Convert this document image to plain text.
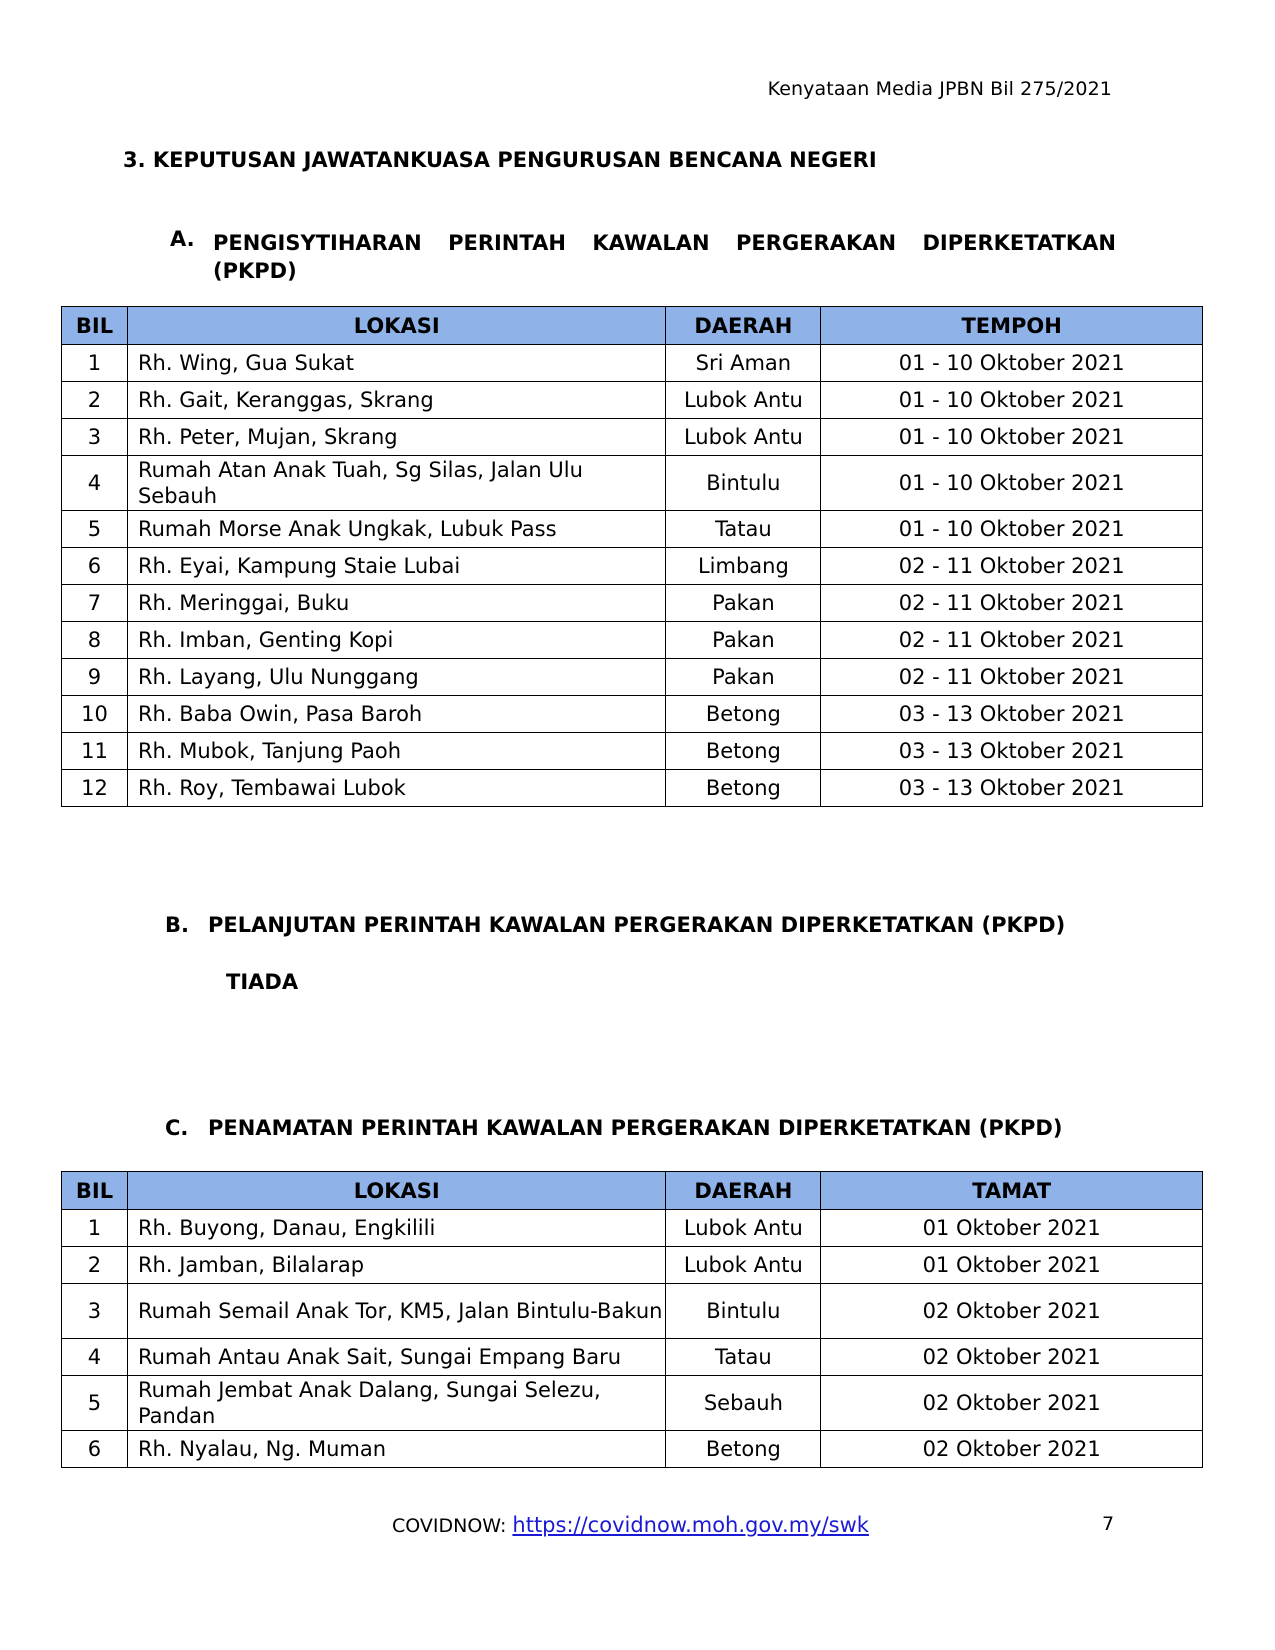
Kenyataan Media JPBN Bil 275/2021
3. KEPUTUSAN JAWATANKUASA PENGURUSAN BENCANA NEGERI
A. PENGISYTIHARAN PERINTAH KAWALAN PERGERAKAN DIPERKETATKAN
(PKPD)
BIL	LOKASI	DAERAH	TEMPOH
1	Rh. Wing, Gua Sukat	Sri Aman	01 - 10 Oktober 2021
2	Rh. Gait, Keranggas, Skrang	Lubok Antu	01 - 10 Oktober 2021
3	Rh. Peter, Mujan, Skrang	Lubok Antu	01 - 10 Oktober 2021
4	Rumah Atan Anak Tuah, Sg Silas, Jalan Ulu Sebauh	Bintulu	01 - 10 Oktober 2021
5	Rumah Morse Anak Ungkak, Lubuk Pass	Tatau	01 - 10 Oktober 2021
6	Rh. Eyai, Kampung Staie Lubai	Limbang	02 - 11 Oktober 2021
7	Rh. Meringgai, Buku	Pakan	02 - 11 Oktober 2021
8	Rh. Imban, Genting Kopi	Pakan	02 - 11 Oktober 2021
9	Rh. Layang, Ulu Nunggang	Pakan	02 - 11 Oktober 2021
10	Rh. Baba Owin, Pasa Baroh	Betong	03 - 13 Oktober 2021
11	Rh. Mubok, Tanjung Paoh	Betong	03 - 13 Oktober 2021
12	Rh. Roy, Tembawai Lubok	Betong	03 - 13 Oktober 2021
B. PELANJUTAN PERINTAH KAWALAN PERGERAKAN DIPERKETATKAN (PKPD)
TIADA
C. PENAMATAN PERINTAH KAWALAN PERGERAKAN DIPERKETATKAN (PKPD)
BIL	LOKASI	DAERAH	TAMAT
1	Rh. Buyong, Danau, Engkilili	Lubok Antu	01 Oktober 2021
2	Rh. Jamban, Bilalarap	Lubok Antu	01 Oktober 2021
3	Rumah Semail Anak Tor, KM5, Jalan Bintulu-Bakun	Bintulu	02 Oktober 2021
4	Rumah Antau Anak Sait, Sungai Empang Baru	Tatau	02 Oktober 2021
5	Rumah Jembat Anak Dalang, Sungai Selezu, Pandan	Sebauh	02 Oktober 2021
6	Rh. Nyalau, Ng. Muman	Betong	02 Oktober 2021
COVIDNOW: https://covidnow.moh.gov.my/swk	7
